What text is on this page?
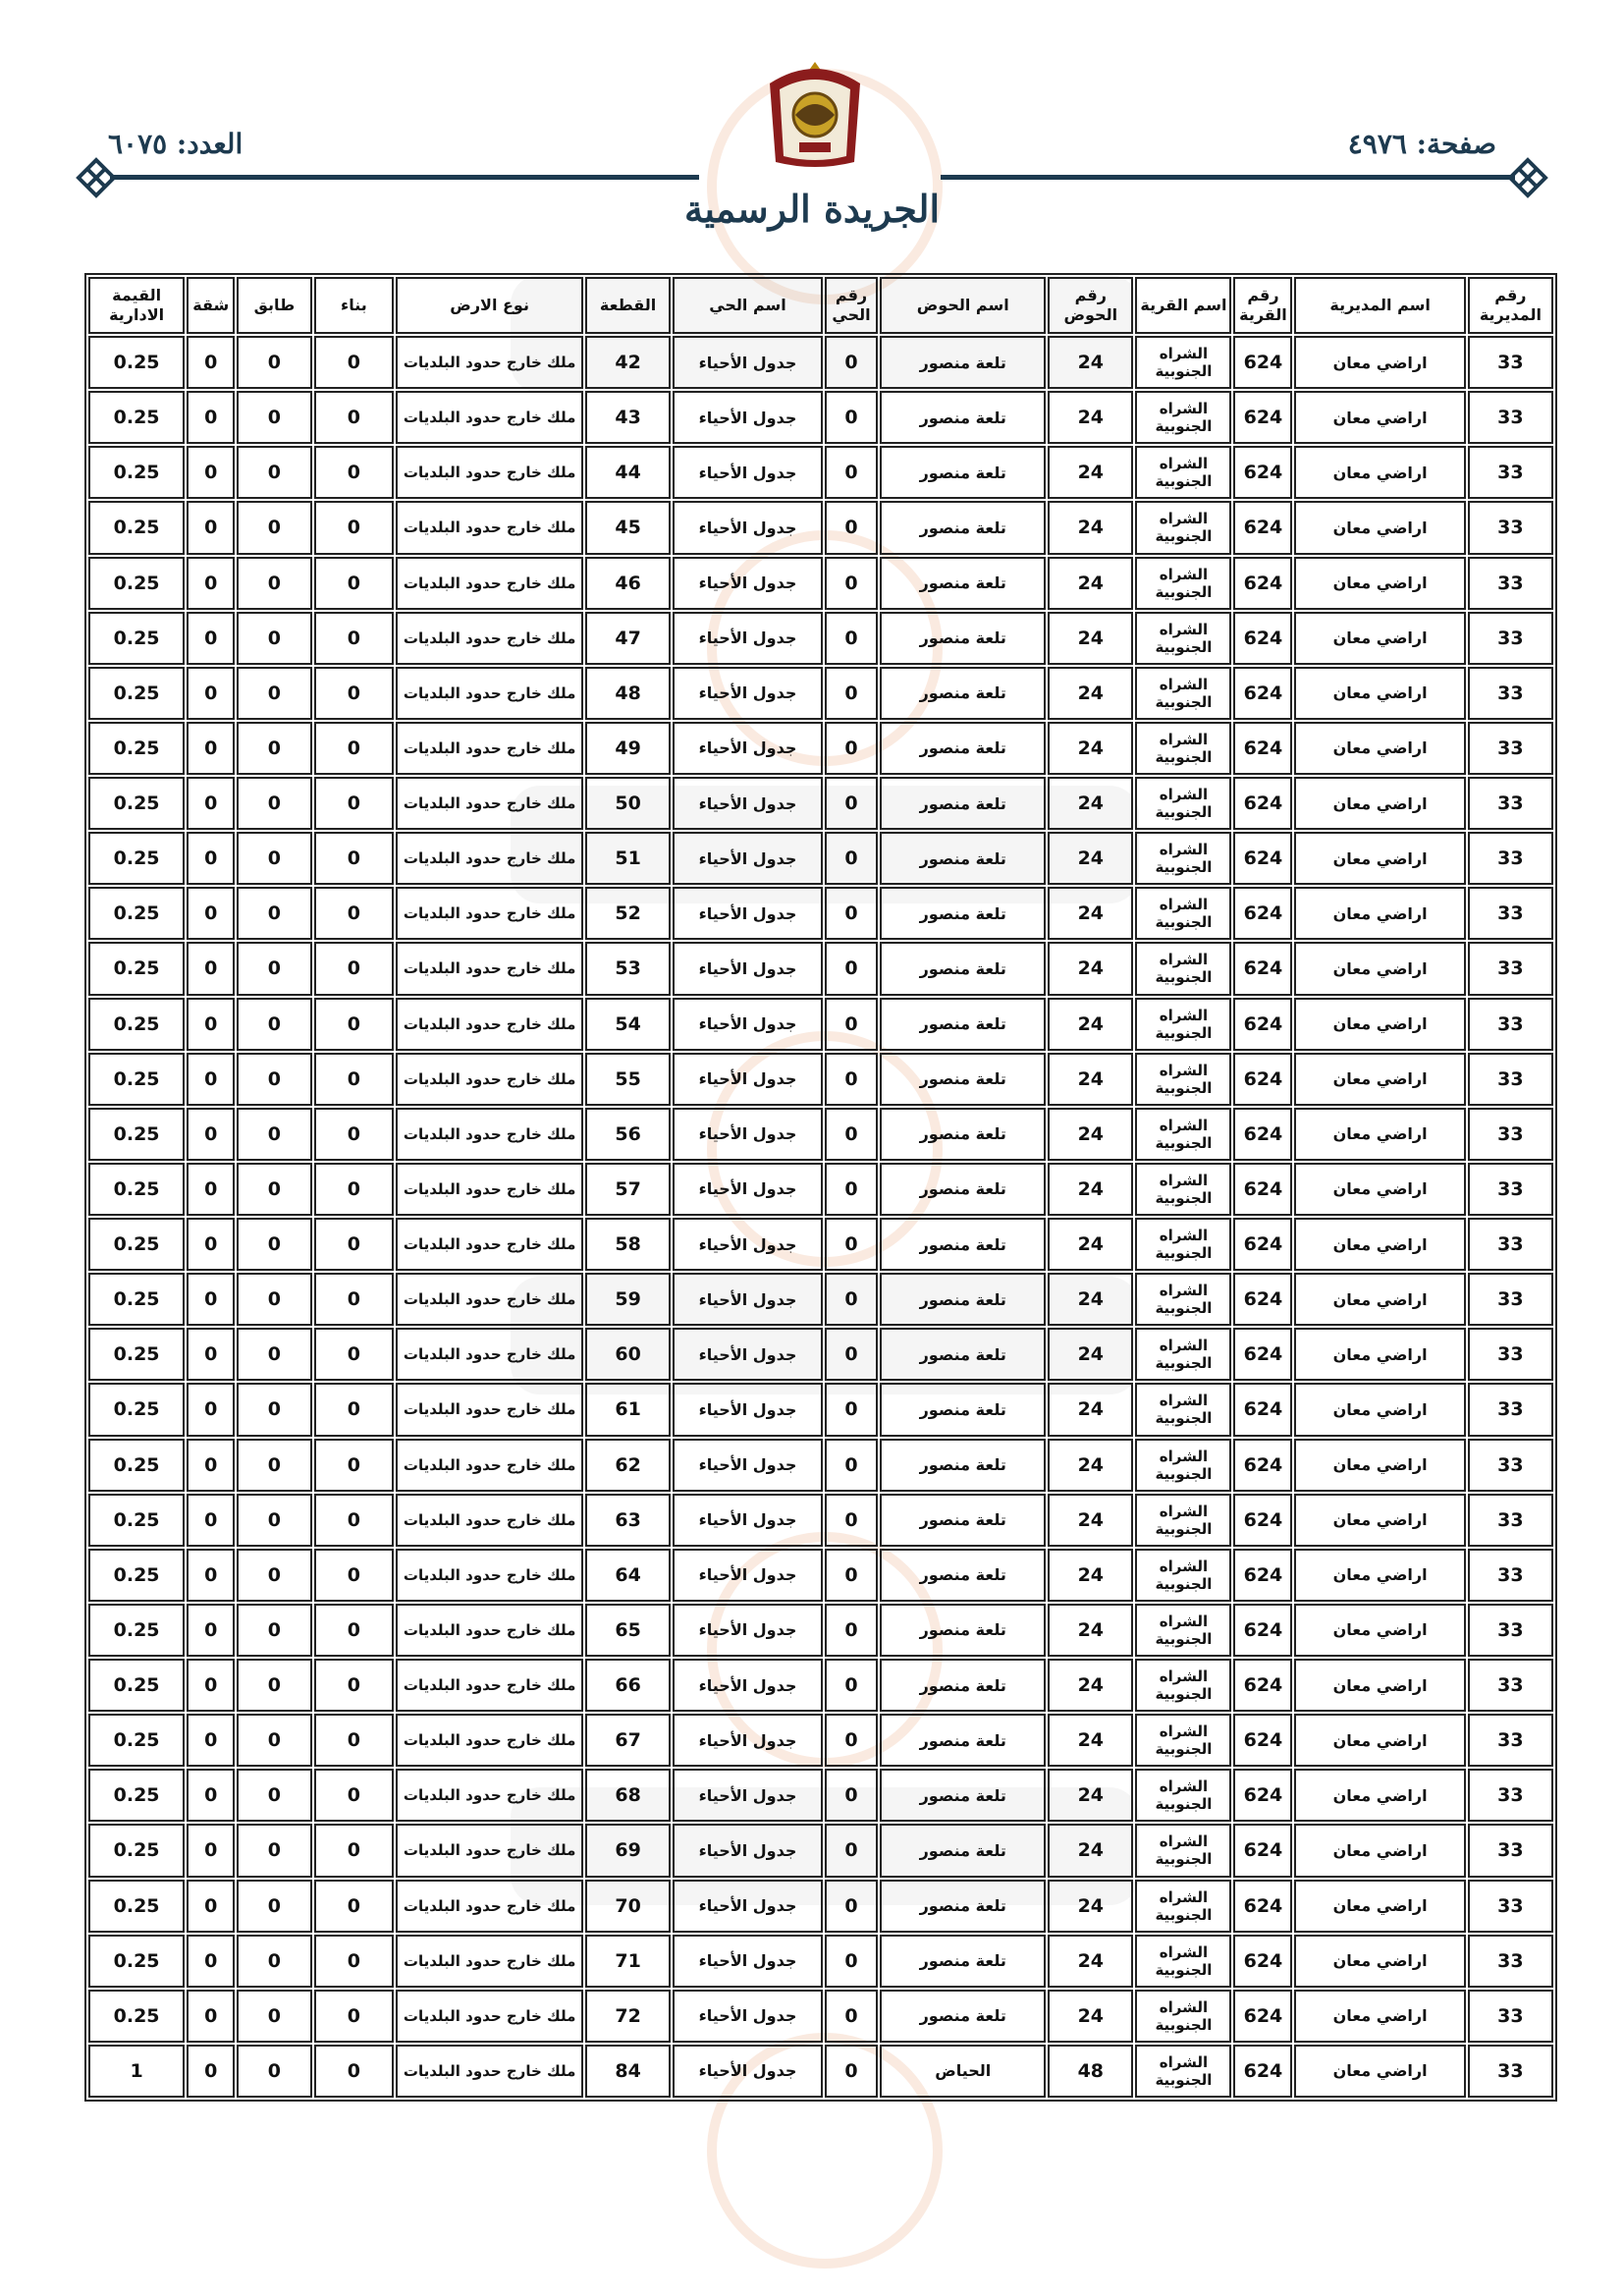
صفحة: ٤٩٧٦
العدد: ٦٠٧٥
الجريدة الرسمية
رقم المديرية	اسم المديرية	رقم القرية	اسم القرية	رقم الحوض	اسم الحوض	رقم الحي	اسم الحي	القطعة	نوع الارض	بناء	طابق	شقة	القيمة الادارية
33	اراضي معان	624	الشراه الجنوبية	24	تلعة منصور	0	جدول الأحياء	42	ملك خارج حدود البلديات	0	0	0	0.25
33	اراضي معان	624	الشراه الجنوبية	24	تلعة منصور	0	جدول الأحياء	43	ملك خارج حدود البلديات	0	0	0	0.25
33	اراضي معان	624	الشراه الجنوبية	24	تلعة منصور	0	جدول الأحياء	44	ملك خارج حدود البلديات	0	0	0	0.25
33	اراضي معان	624	الشراه الجنوبية	24	تلعة منصور	0	جدول الأحياء	45	ملك خارج حدود البلديات	0	0	0	0.25
33	اراضي معان	624	الشراه الجنوبية	24	تلعة منصور	0	جدول الأحياء	46	ملك خارج حدود البلديات	0	0	0	0.25
33	اراضي معان	624	الشراه الجنوبية	24	تلعة منصور	0	جدول الأحياء	47	ملك خارج حدود البلديات	0	0	0	0.25
33	اراضي معان	624	الشراه الجنوبية	24	تلعة منصور	0	جدول الأحياء	48	ملك خارج حدود البلديات	0	0	0	0.25
33	اراضي معان	624	الشراه الجنوبية	24	تلعة منصور	0	جدول الأحياء	49	ملك خارج حدود البلديات	0	0	0	0.25
33	اراضي معان	624	الشراه الجنوبية	24	تلعة منصور	0	جدول الأحياء	50	ملك خارج حدود البلديات	0	0	0	0.25
33	اراضي معان	624	الشراه الجنوبية	24	تلعة منصور	0	جدول الأحياء	51	ملك خارج حدود البلديات	0	0	0	0.25
33	اراضي معان	624	الشراه الجنوبية	24	تلعة منصور	0	جدول الأحياء	52	ملك خارج حدود البلديات	0	0	0	0.25
33	اراضي معان	624	الشراه الجنوبية	24	تلعة منصور	0	جدول الأحياء	53	ملك خارج حدود البلديات	0	0	0	0.25
33	اراضي معان	624	الشراه الجنوبية	24	تلعة منصور	0	جدول الأحياء	54	ملك خارج حدود البلديات	0	0	0	0.25
33	اراضي معان	624	الشراه الجنوبية	24	تلعة منصور	0	جدول الأحياء	55	ملك خارج حدود البلديات	0	0	0	0.25
33	اراضي معان	624	الشراه الجنوبية	24	تلعة منصور	0	جدول الأحياء	56	ملك خارج حدود البلديات	0	0	0	0.25
33	اراضي معان	624	الشراه الجنوبية	24	تلعة منصور	0	جدول الأحياء	57	ملك خارج حدود البلديات	0	0	0	0.25
33	اراضي معان	624	الشراه الجنوبية	24	تلعة منصور	0	جدول الأحياء	58	ملك خارج حدود البلديات	0	0	0	0.25
33	اراضي معان	624	الشراه الجنوبية	24	تلعة منصور	0	جدول الأحياء	59	ملك خارج حدود البلديات	0	0	0	0.25
33	اراضي معان	624	الشراه الجنوبية	24	تلعة منصور	0	جدول الأحياء	60	ملك خارج حدود البلديات	0	0	0	0.25
33	اراضي معان	624	الشراه الجنوبية	24	تلعة منصور	0	جدول الأحياء	61	ملك خارج حدود البلديات	0	0	0	0.25
33	اراضي معان	624	الشراه الجنوبية	24	تلعة منصور	0	جدول الأحياء	62	ملك خارج حدود البلديات	0	0	0	0.25
33	اراضي معان	624	الشراه الجنوبية	24	تلعة منصور	0	جدول الأحياء	63	ملك خارج حدود البلديات	0	0	0	0.25
33	اراضي معان	624	الشراه الجنوبية	24	تلعة منصور	0	جدول الأحياء	64	ملك خارج حدود البلديات	0	0	0	0.25
33	اراضي معان	624	الشراه الجنوبية	24	تلعة منصور	0	جدول الأحياء	65	ملك خارج حدود البلديات	0	0	0	0.25
33	اراضي معان	624	الشراه الجنوبية	24	تلعة منصور	0	جدول الأحياء	66	ملك خارج حدود البلديات	0	0	0	0.25
33	اراضي معان	624	الشراه الجنوبية	24	تلعة منصور	0	جدول الأحياء	67	ملك خارج حدود البلديات	0	0	0	0.25
33	اراضي معان	624	الشراه الجنوبية	24	تلعة منصور	0	جدول الأحياء	68	ملك خارج حدود البلديات	0	0	0	0.25
33	اراضي معان	624	الشراه الجنوبية	24	تلعة منصور	0	جدول الأحياء	69	ملك خارج حدود البلديات	0	0	0	0.25
33	اراضي معان	624	الشراه الجنوبية	24	تلعة منصور	0	جدول الأحياء	70	ملك خارج حدود البلديات	0	0	0	0.25
33	اراضي معان	624	الشراه الجنوبية	24	تلعة منصور	0	جدول الأحياء	71	ملك خارج حدود البلديات	0	0	0	0.25
33	اراضي معان	624	الشراه الجنوبية	24	تلعة منصور	0	جدول الأحياء	72	ملك خارج حدود البلديات	0	0	0	0.25
33	اراضي معان	624	الشراه الجنوبية	48	الحياض	0	جدول الأحياء	84	ملك خارج حدود البلديات	0	0	0	1
